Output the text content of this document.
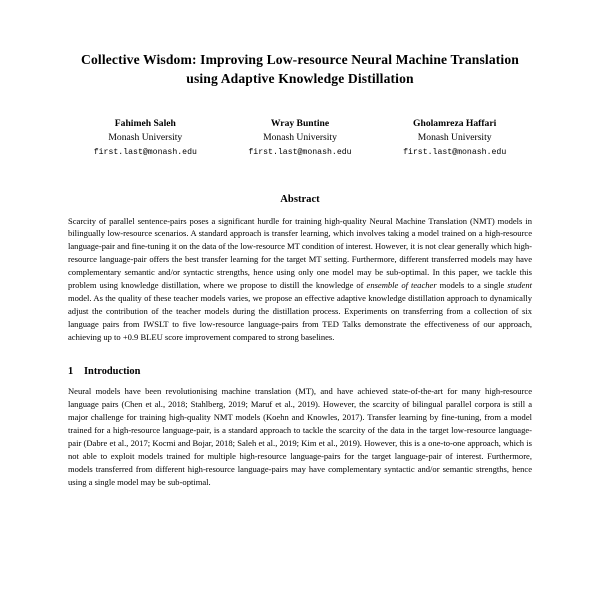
Collective Wisdom: Improving Low-resource Neural Machine Translation
using Adaptive Knowledge Distillation
Fahimeh Saleh
Monash University
first.last@monash.edu
Wray Buntine
Monash University
first.last@monash.edu
Gholamreza Haffari
Monash University
first.last@monash.edu
Abstract

Scarcity of parallel sentence-pairs poses a significant hurdle for training high-quality Neural Machine Translation (NMT) models in bilingually low-resource scenarios. A standard approach is transfer learning, which involves taking a model trained on a high-resource language-pair and fine-tuning it on the data of the low-resource MT condition of interest. However, it is not clear generally which high-resource language-pair offers the best transfer learning for the target MT setting. Furthermore, different transferred models may have complementary semantic and/or syntactic strengths, hence using only one model may be sub-optimal. In this paper, we tackle this problem using knowledge distillation, where we propose to distill the knowledge of ensemble of teacher models to a single student model. As the quality of these teacher models varies, we propose an effective adaptive knowledge distillation approach to dynamically adjust the contribution of the teacher models during the distillation process. Experiments on transferring from a collection of six language pairs from IWSLT to five low-resource language-pairs from TED Talks demonstrate the effectiveness of our approach, achieving up to +0.9 BLEU score improvement compared to strong baselines.

1 Introduction

Neural models have been revolutionising machine translation (MT), and have achieved state-of-the-art for many high-resource language pairs (Chen et al., 2018; Stahlberg, 2019; Maruf et al., 2019). However, the scarcity of bilingual parallel corpora is still a major challenge for training high-quality NMT models (Koehn and Knowles, 2017). Transfer learning by fine-tuning, from a model trained for a high-resource language-pair, is a standard approach to tackle the scarcity of the data in the target low-resource language-pair (Dabre et al., 2017; Kocmi and Bojar, 2018; Saleh et al., 2019; Kim et al., 2019). However, this is a one-to-one approach, which is not able to exploit models trained for multiple high-resource language-pairs for the target language-pair of interest. Furthermore, models transferred from different high-resource language-pairs may have complementary syntactic and/or semantic strengths, hence using a single model may be sub-optimal.
